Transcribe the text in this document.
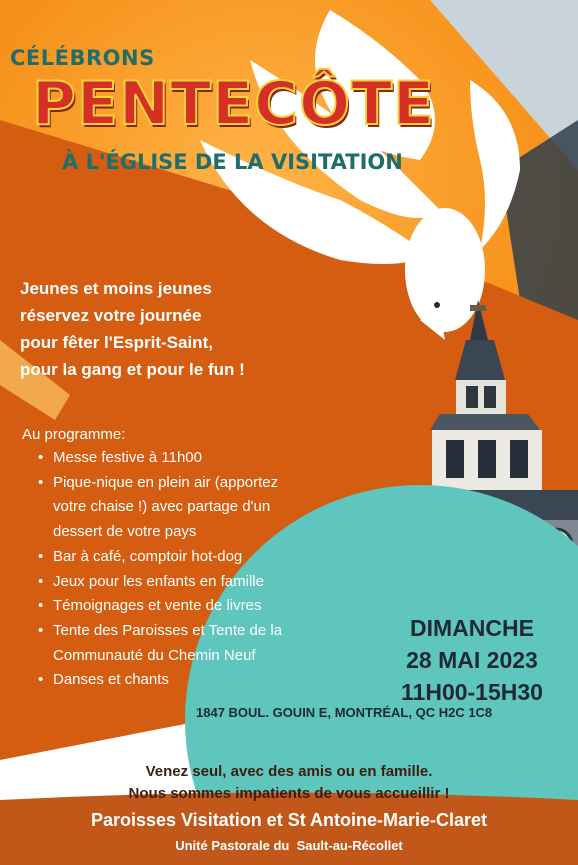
CÉLÉBRONS
PENTECÔTE
À L'ÉGLISE DE LA VISITATION
Jeunes et moins jeunes
réservez votre journée
pour fêter l'Esprit-Saint,
pour la gang et pour le fun !
Au programme:
• Messe festive à 11h00
• Pique-nique en plein air (apportez
votre chaise !) avec partage d'un
dessert de votre pays
• Bar à café, comptoir hot-dog
• Jeux pour les enfants en famille
• Témoignages et vente de livres
• Tente des Paroisses et Tente de la
Communauté du Chemin Neuf
• Danses et chants
DIMANCHE
28 MAI 2023
11H00-15H30
1847 BOUL. GOUIN E, MONTRÉAL, QC H2C 1C8
Venez seul, avec des amis ou en famille.
Nous sommes impatients de vous accueillir !
Paroisses Visitation et St Antoine-Marie-Claret
Unité Pastorale du  Sault-au-Récollet
